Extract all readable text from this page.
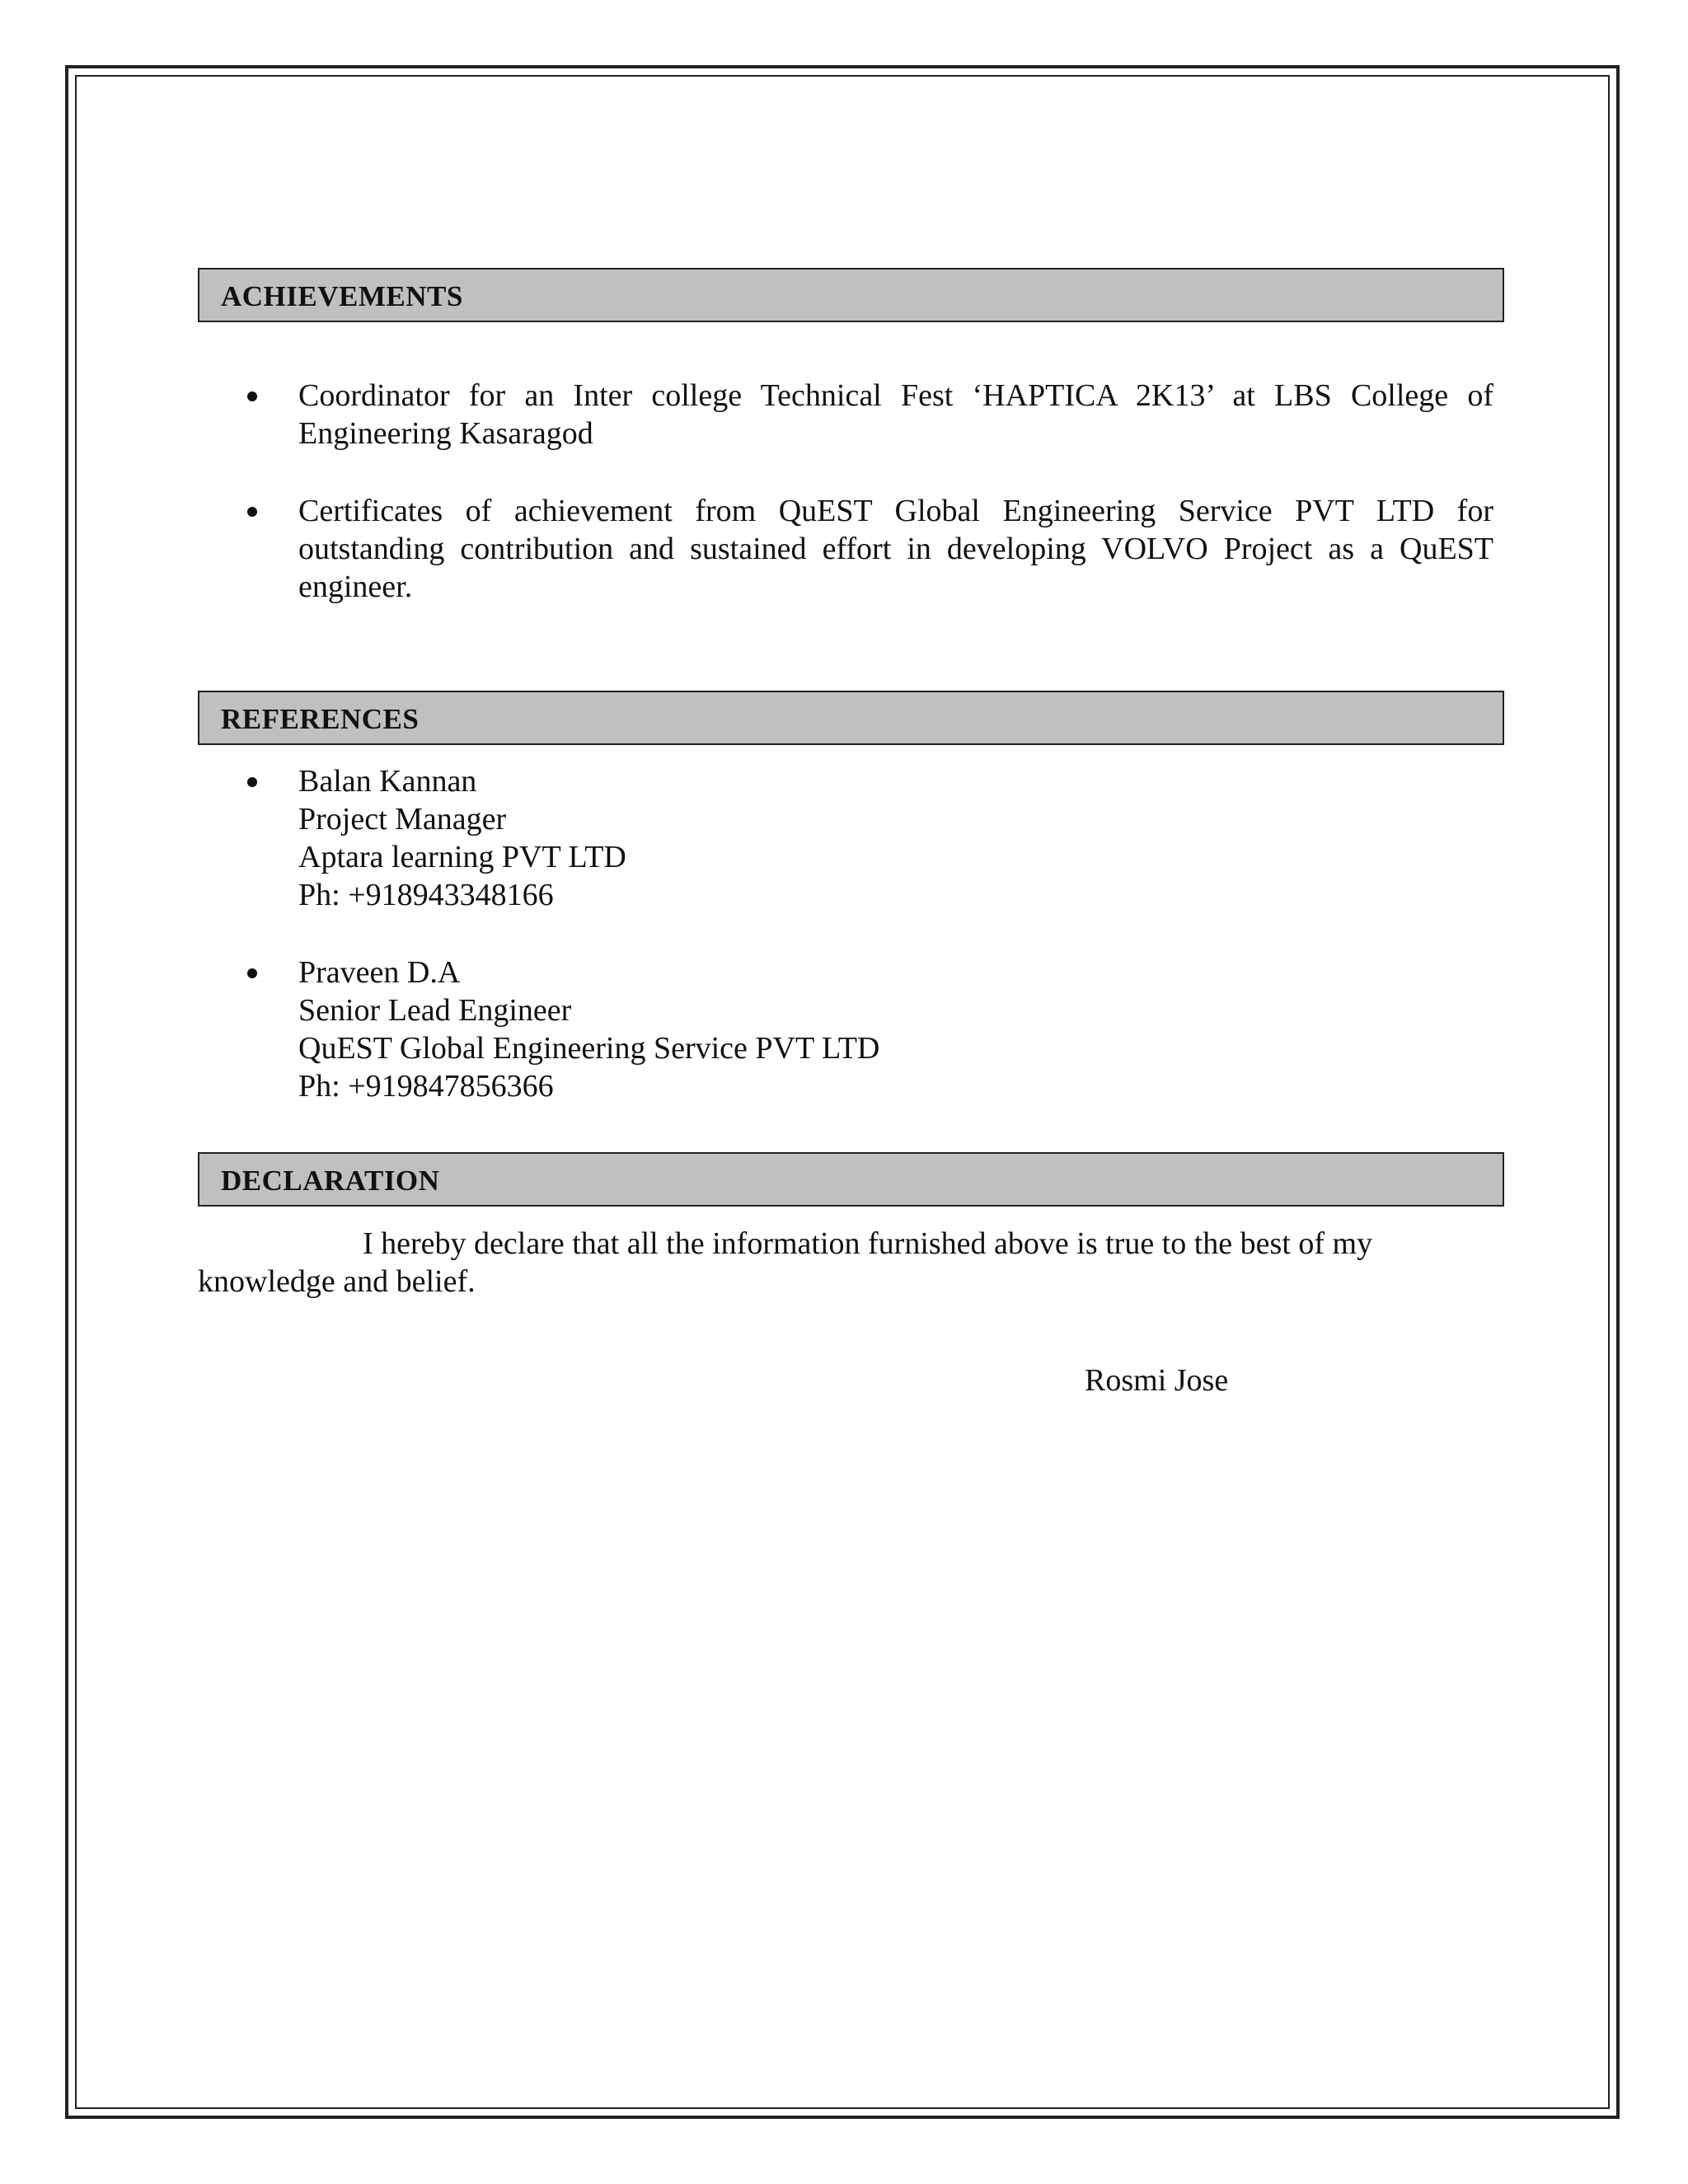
ACHIEVEMENTS
Coordinator for an Inter college Technical Fest ‘HAPTICA 2K13’ at LBS College of Engineering Kasaragod
Certificates of achievement from QuEST Global Engineering Service PVT LTD for outstanding contribution and sustained effort in developing VOLVO Project as a QuEST engineer.
REFERENCES
Balan Kannan
Project Manager
Aptara learning PVT LTD
Ph: +918943348166
Praveen D.A
Senior Lead Engineer
QuEST Global Engineering Service PVT LTD
Ph: +919847856366
DECLARATION

I hereby declare that all the information furnished above is true to the best of my knowledge and belief.

Rosmi Jose
